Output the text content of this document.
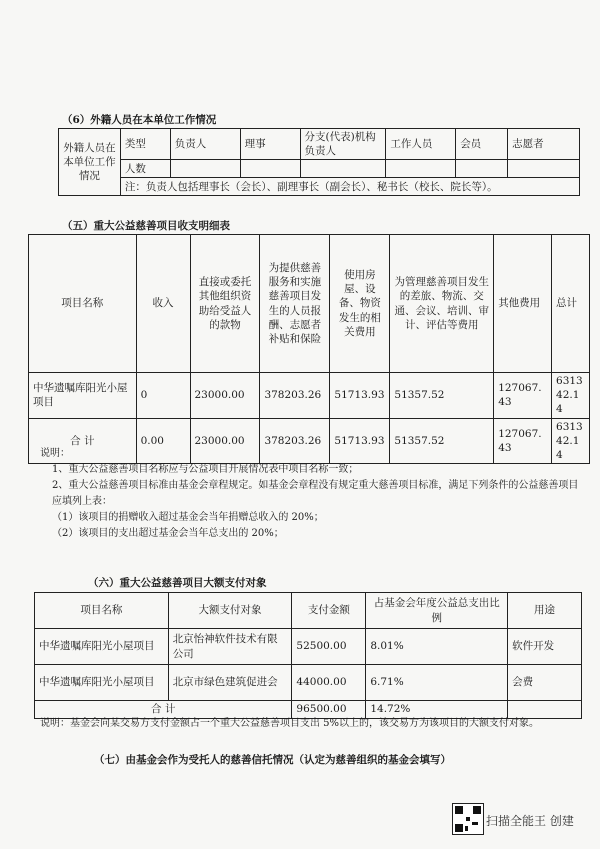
（6）外籍人员在本单位工作情况
外籍人员在本单位工作情况	类型	负责人	理事	分支(代表)机构负责人	工作人员	会员	志愿者
	人数						
	注：负责人包括理事长（会长）、副理事长（副会长）、秘书长（校长、院长等）。						
（五）重大公益慈善项目收支明细表
项目名称	收入	直接或委托其他组织资助给受益人的款物	为提供慈善服务和实施慈善项目发生的人员报酬、志愿者补贴和保险	使用房屋、设备、物资发生的相关费用	为管理慈善项目发生的差旅、物流、交通、会议、培训、审计、评估等费用	其他费用	总计
中华遗嘱库阳光小屋项目	0	23000.00	378203.26	51713.93	51357.52	127067.43	631342.14
合 计	0.00	23000.00	378203.26	51713.93	51357.52	127067.43	631342.14
说明：
1、重大公益慈善项目名称应与公益项目开展情况表中项目名称一致；
2、重大公益慈善项目标准由基金会章程规定。如基金会章程没有规定重大慈善项目标准，满足下列条件的公益慈善项目应填列上表：
（1）该项目的捐赠收入超过基金会当年捐赠总收入的 20%；
（2）该项目的支出超过基金会当年总支出的 20%；
（六）重大公益慈善项目大额支付对象
项目名称	大额支付对象	支付金额	占基金会年度公益总支出比例	用途
中华遗嘱库阳光小屋项目	北京怡神软件技术有限公司	52500.00	8.01%	软件开发
中华遗嘱库阳光小屋项目	北京市绿色建筑促进会	44000.00	6.71%	会费
合 计		96500.00	14.72%	
说明：基金会向某交易方支付金额占一个重大公益慈善项目支出 5%以上的，该交易方为该项目的大额支付对象。
（七）由基金会作为受托人的慈善信托情况（认定为慈善组织的基金会填写）
扫描全能王 创建
